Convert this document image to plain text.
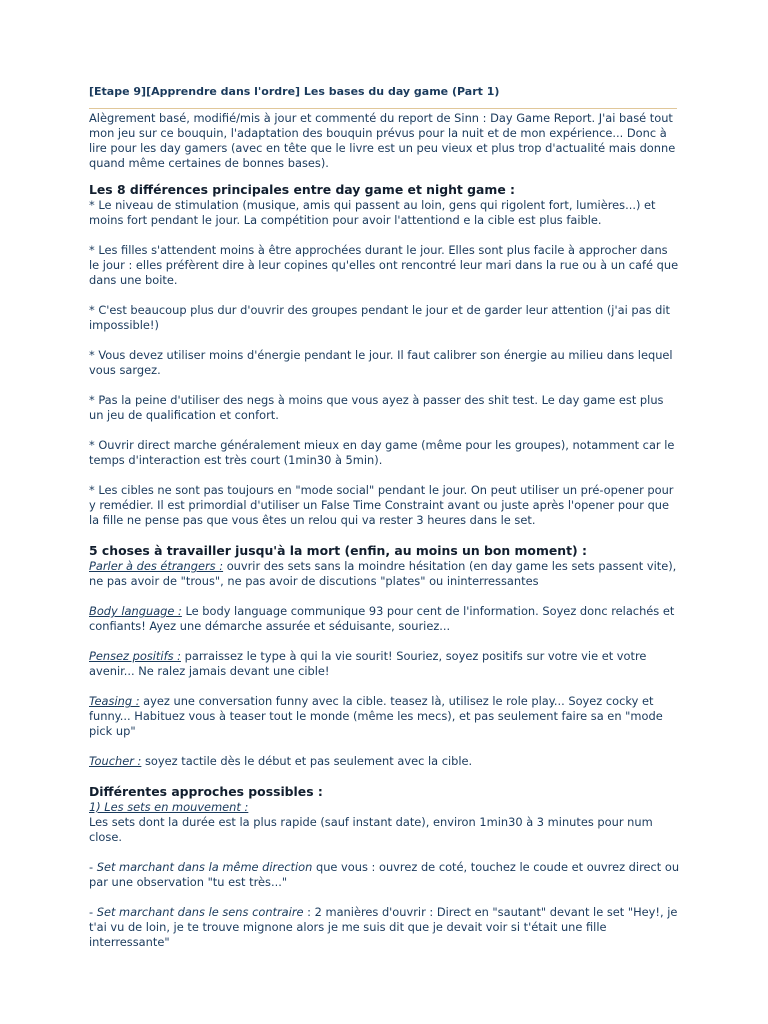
[Etape 9][Apprendre dans l'ordre] Les bases du day game (Part 1)

Alègrement basé, modifié/mis à jour et commenté du report de Sinn : Day Game Report. J'ai basé tout mon jeu sur ce bouquin, l'adaptation des bouquin prévus pour la nuit et de mon expérience... Donc à lire pour les day gamers (avec en tête que le livre est un peu vieux et plus trop d'actualité mais donne quand même certaines de bonnes bases).

Les 8 différences principales entre day game et night game :

* Le niveau de stimulation (musique, amis qui passent au loin, gens qui rigolent fort, lumières...) et moins fort pendant le jour. La compétition pour avoir l'attentiond e la cible est plus faible.

* Les filles s'attendent moins à être approchées durant le jour. Elles sont plus facile à approcher dans le jour : elles préfèrent dire à leur copines qu'elles ont rencontré leur mari dans la rue ou à un café que dans une boite.

* C'est beaucoup plus dur d'ouvrir des groupes pendant le jour et de garder leur attention (j'ai pas dit impossible!)

* Vous devez utiliser moins d'énergie pendant le jour. Il faut calibrer son énergie au milieu dans lequel vous sargez.

* Pas la peine d'utiliser des negs à moins que vous ayez à passer des shit test. Le day game est plus un jeu de qualification et confort.

* Ouvrir direct marche généralement mieux en day game (même pour les groupes), notamment car le temps d'interaction est très court (1min30 à 5min).

* Les cibles ne sont pas toujours en "mode social" pendant le jour. On peut utiliser un pré-opener pour y remédier. Il est primordial d'utiliser un False Time Constraint avant ou juste après l'opener pour que la fille ne pense pas que vous êtes un relou qui va rester 3 heures dans le set.

5 choses à travailler jusqu'à la mort (enfin, au moins un bon moment) :

Parler à des étrangers : ouvrir des sets sans la moindre hésitation (en day game les sets passent vite), ne pas avoir de "trous", ne pas avoir de discutions "plates" ou ininterressantes

Body language : Le body language communique 93 pour cent de l'information. Soyez donc relachés et confiants! Ayez une démarche assurée et séduisante, souriez...

Pensez positifs : parraissez le type à qui la vie sourit! Souriez, soyez positifs sur votre vie et votre avenir... Ne ralez jamais devant une cible!

Teasing : ayez une conversation funny avec la cible. teasez là, utilisez le role play... Soyez cocky et funny... Habituez vous à teaser tout le monde (même les mecs), et pas seulement faire sa en "mode pick up"

Toucher : soyez tactile dès le début et pas seulement avec la cible.

Différentes approches possibles :

1) Les sets en mouvement :
Les sets dont la durée est la plus rapide (sauf instant date), environ 1min30 à 3 minutes pour num close.

- Set marchant dans la même direction que vous : ouvrez de coté, touchez le coude et ouvrez direct ou par une observation "tu est très..."

- Set marchant dans le sens contraire : 2 manières d'ouvrir : Direct en "sautant" devant le set "Hey!, je t'ai vu de loin, je te trouve mignone alors je me suis dit que je devait voir si t'était une fille interressante"
